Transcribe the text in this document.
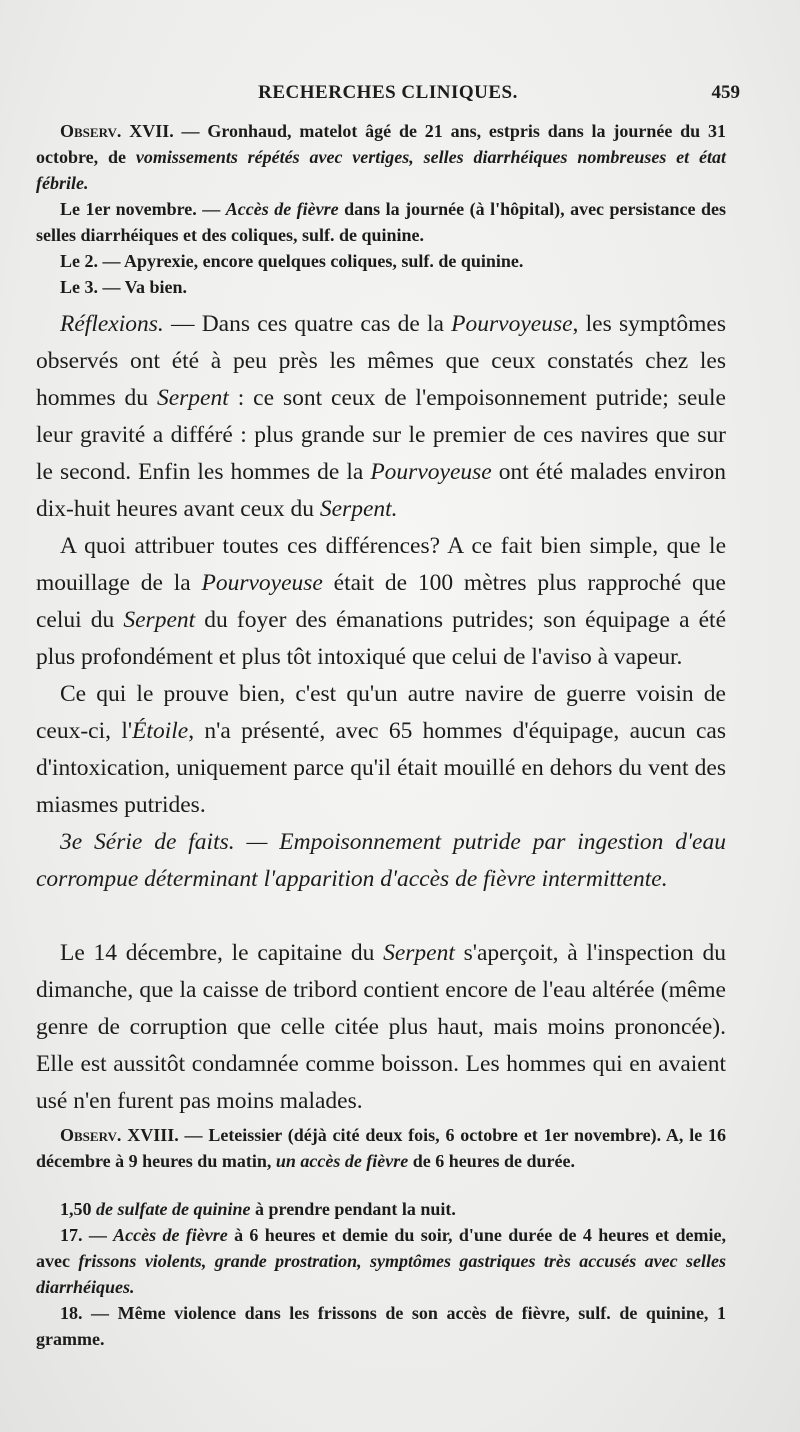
RECHERCHES CLINIQUES.	459
Observ. XVII. — Gronhaud, matelot âgé de 21 ans, estpris dans la journée du 31 octobre, de vomissements répétés avec vertiges, selles diarrhéiques nombreuses et état fébrile.
Le 1er novembre. — Accès de fièvre dans la journée (à l'hôpital), avec persistance des selles diarrhéiques et des coliques, sulf. de quinine.
Le 2. — Apyrexie, encore quelques coliques, sulf. de quinine.
Le 3. — Va bien.
Réflexions. — Dans ces quatre cas de la Pourvoyeuse, les symptômes observés ont été à peu près les mêmes que ceux constatés chez les hommes du Serpent : ce sont ceux de l'empoisonnement putride; seule leur gravité a différé : plus grande sur le premier de ces navires que sur le second. Enfin les hommes de la Pourvoyeuse ont été malades environ dix-huit heures avant ceux du Serpent.
A quoi attribuer toutes ces différences? A ce fait bien simple, que le mouillage de la Pourvoyeuse était de 100 mètres plus rapproché que celui du Serpent du foyer des émanations putrides; son équipage a été plus profondément et plus tôt intoxiqué que celui de l'aviso à vapeur.
Ce qui le prouve bien, c'est qu'un autre navire de guerre voisin de ceux-ci, l'Étoile, n'a présenté, avec 65 hommes d'équipage, aucun cas d'intoxication, uniquement parce qu'il était mouillé en dehors du vent des miasmes putrides.
3e Série de faits. — Empoisonnement putride par ingestion d'eau corrompue déterminant l'apparition d'accès de fièvre intermittente.
Le 14 décembre, le capitaine du Serpent s'aperçoit, à l'inspection du dimanche, que la caisse de tribord contient encore de l'eau altérée (même genre de corruption que celle citée plus haut, mais moins prononcée). Elle est aussitôt condamnée comme boisson. Les hommes qui en avaient usé n'en furent pas moins malades.
Observ. XVIII. — Leteissier (déjà cité deux fois, 6 octobre et 1er novembre). A, le 16 décembre à 9 heures du matin, un accès de fièvre de 6 heures de durée.
1,50 de sulfate de quinine à prendre pendant la nuit.
17. — Accès de fièvre à 6 heures et demie du soir, d'une durée de 4 heures et demie, avec frissons violents, grande prostration, symptômes gastriques très accusés avec selles diarrhéiques.
18. — Même violence dans les frissons de son accès de fièvre, sulf. de quinine, 1 gramme.
